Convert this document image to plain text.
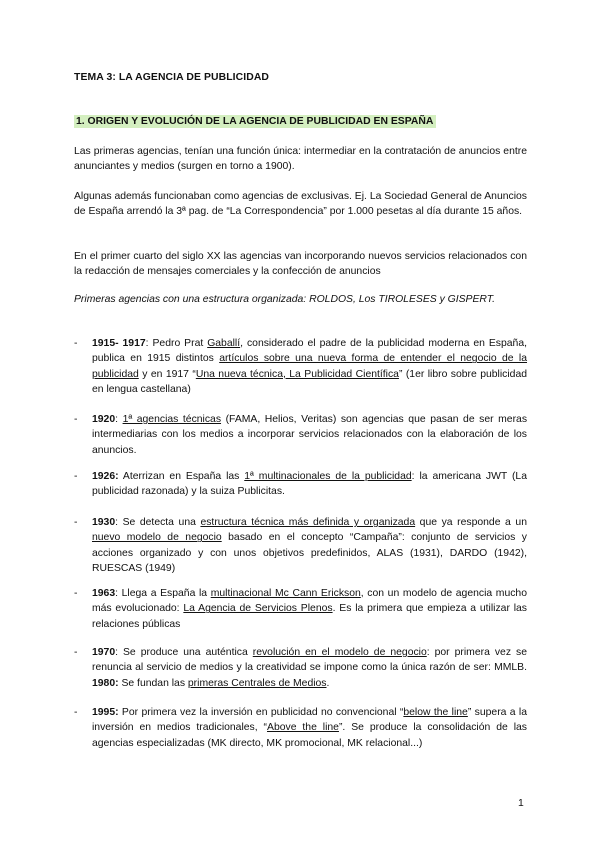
TEMA 3: LA AGENCIA DE PUBLICIDAD
1. ORIGEN Y EVOLUCIÓN DE LA AGENCIA DE PUBLICIDAD EN ESPAÑA
Las primeras agencias, tenían una función única: intermediar en la contratación de anuncios entre anunciantes y medios (surgen en torno a 1900).
Algunas además funcionaban como agencias de exclusivas. Ej. La Sociedad General de Anuncios de España arrendó la 3ª pag. de “La Correspondencia” por 1.000 pesetas al día durante 15 años.
En el primer cuarto del siglo XX las agencias van incorporando nuevos servicios relacionados con la redacción de mensajes comerciales y la confección de anuncios
Primeras agencias con una estructura organizada: ROLDOS, Los TIROLESES y GISPERT.
- 1915- 1917: Pedro Prat Gaballí, considerado el padre de la publicidad moderna en España, publica en 1915 distintos artículos sobre una nueva forma de entender el negocio de la publicidad y en 1917 “Una nueva técnica, La Publicidad Científica” (1er libro sobre publicidad en lengua castellana)
- 1920: 1ª agencias técnicas (FAMA, Helios, Veritas) son agencias que pasan de ser meras intermediarias con los medios a incorporar servicios relacionados con la elaboración de los anuncios.
- 1926: Aterrizan en España las 1ª multinacionales de la publicidad: la americana JWT (La publicidad razonada) y la suiza Publicitas.
- 1930: Se detecta una estructura técnica más definida y organizada que ya responde a un nuevo modelo de negocio basado en el concepto “Campaña”: conjunto de servicios y acciones organizado y con unos objetivos predefinidos, ALAS (1931), DARDO (1942), RUESCAS (1949)
- 1963: Llega a España la multinacional Mc Cann Erickson, con un modelo de agencia mucho más evolucionado: La Agencia de Servicios Plenos. Es la primera que empieza a utilizar las relaciones públicas
- 1970: Se produce una auténtica revolución en el modelo de negocio: por primera vez se renuncia al servicio de medios y la creatividad se impone como la única razón de ser: MMLB. 1980: Se fundan las primeras Centrales de Medios.
- 1995: Por primera vez la inversión en publicidad no convencional “below the line” supera a la inversión en medios tradicionales, “Above the line”. Se produce la consolidación de las agencias especializadas (MK directo, MK promocional, MK relacional...)
1
